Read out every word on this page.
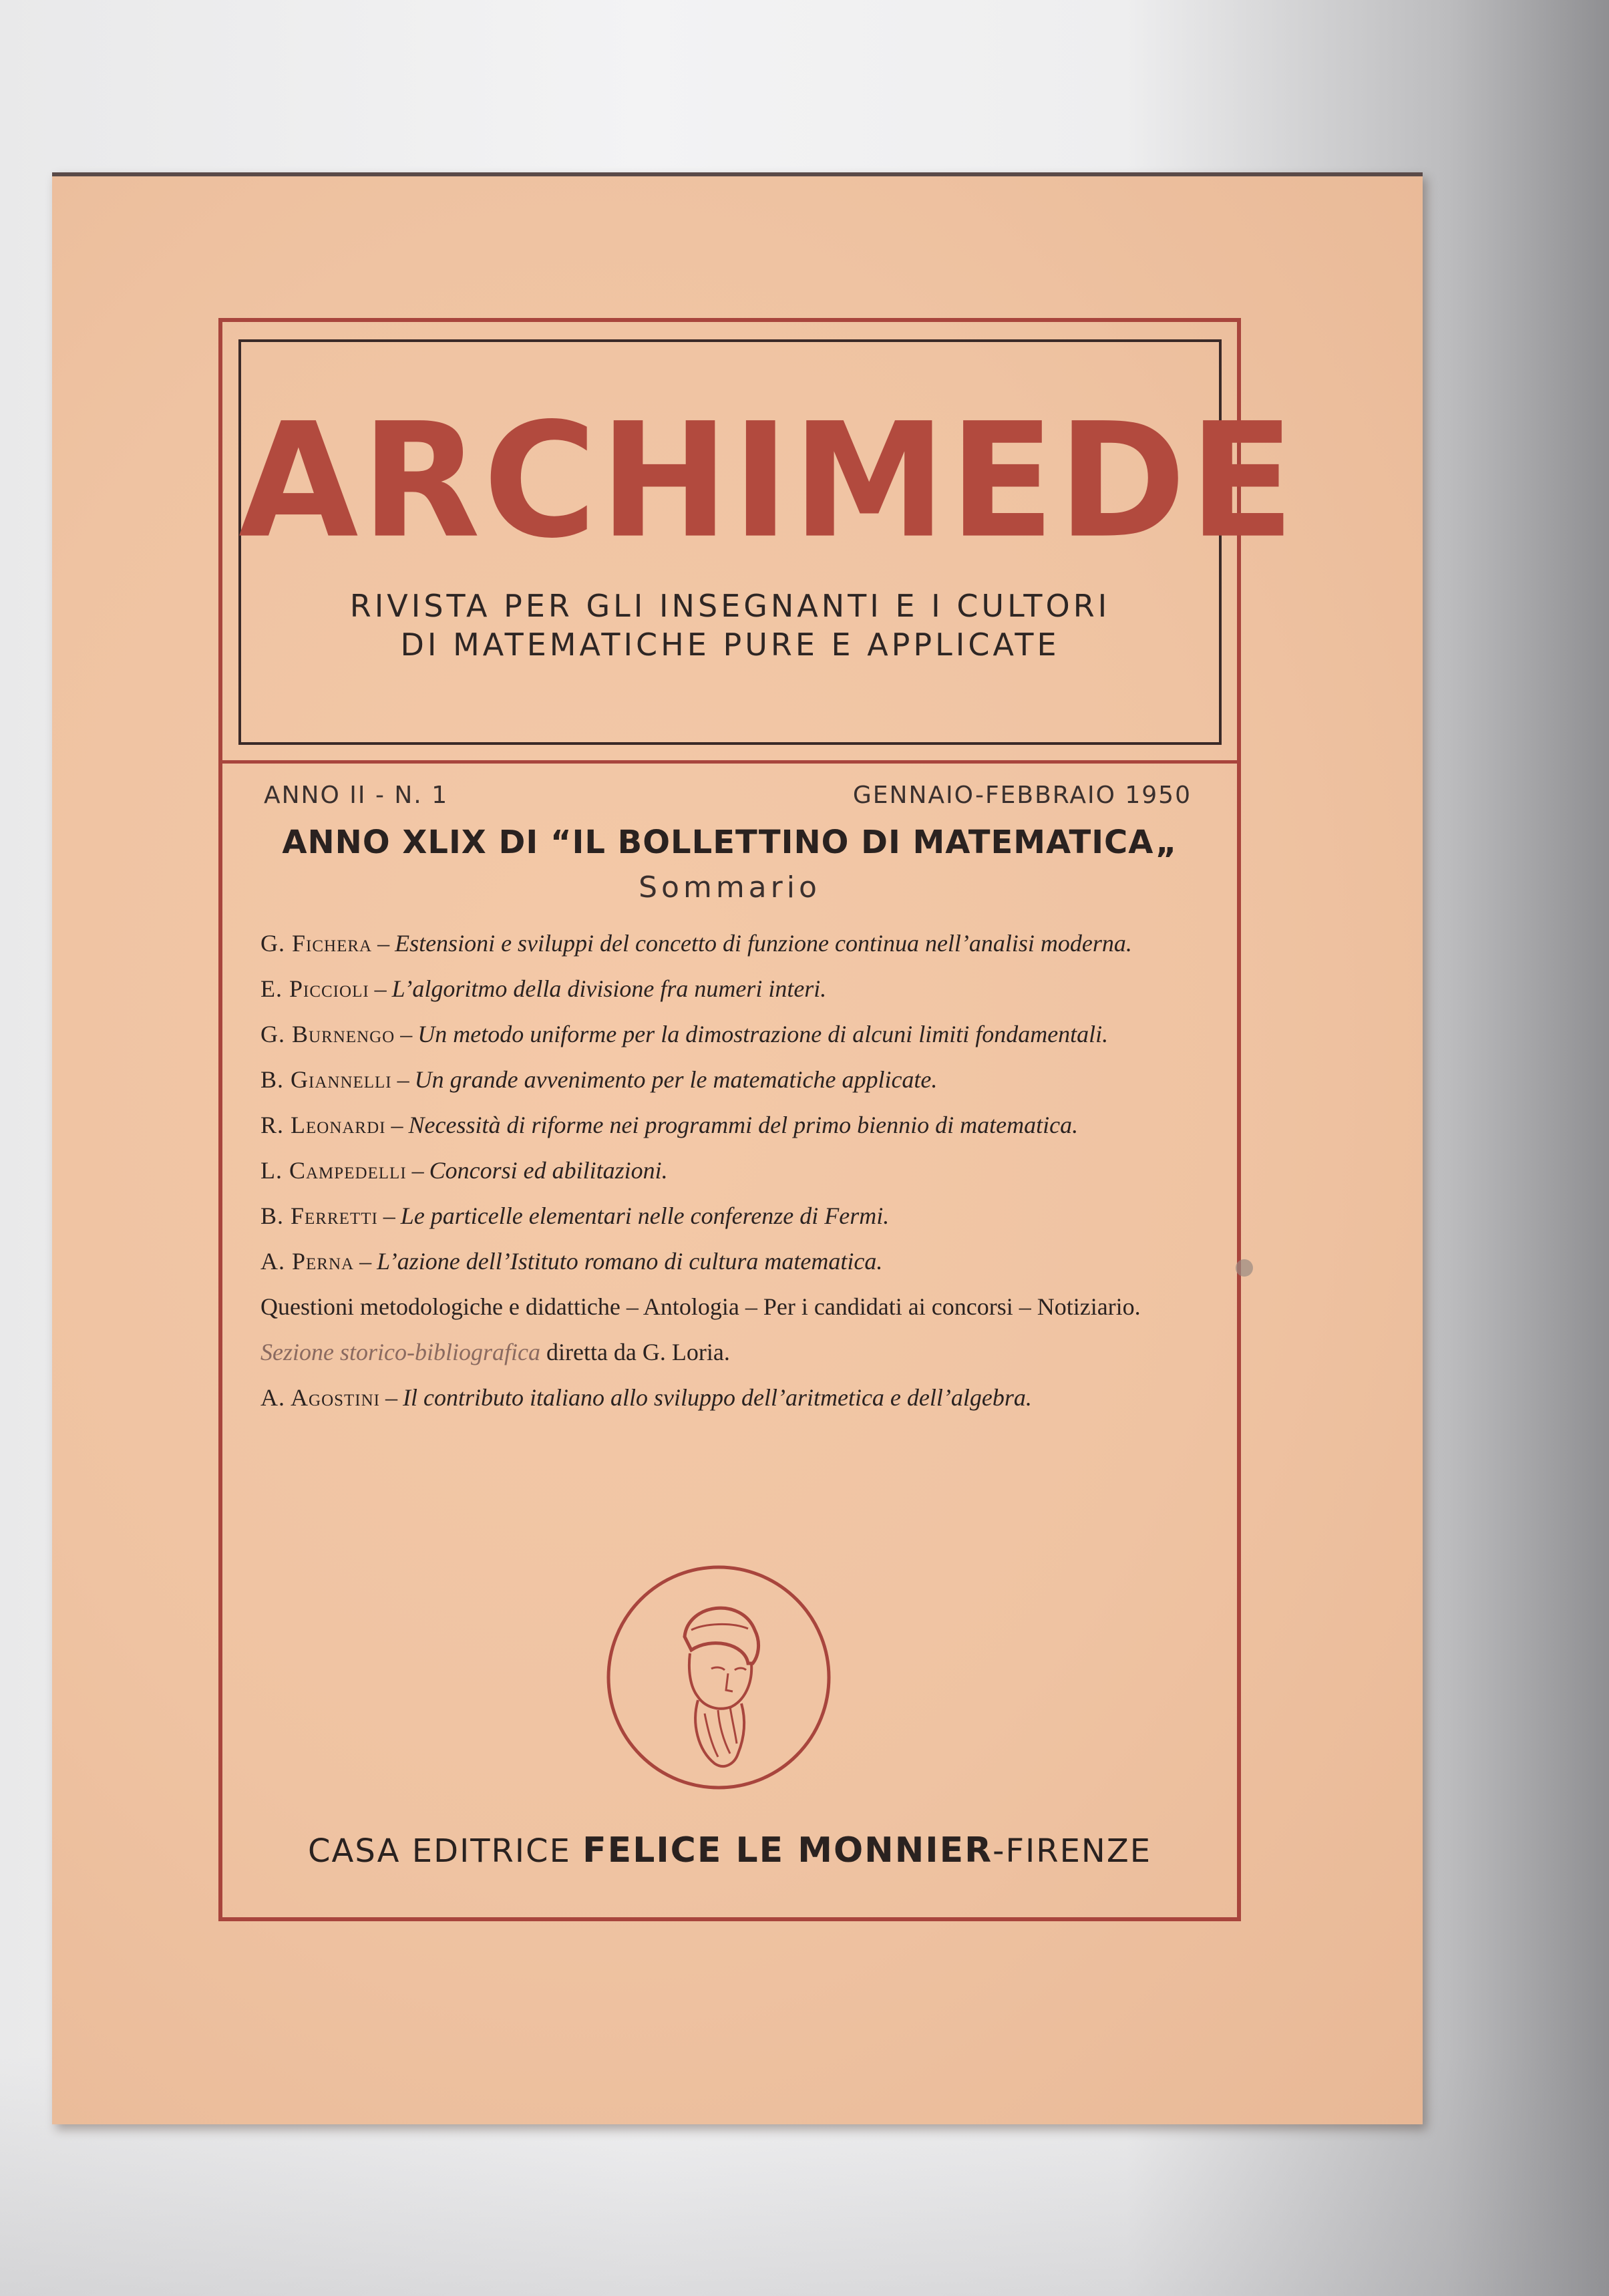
ARCHIMEDE
RIVISTA PER GLI INSEGNANTI E I CULTORI
DI MATEMATICHE PURE E APPLICATE
ANNO II - N. 1	GENNAIO-FEBBRAIO 1950
ANNO XLIX DI “IL BOLLETTINO DI MATEMATICA„
Sommario
G. Fichera – Estensioni e sviluppi del concetto di funzione continua nell’analisi moderna.
E. Piccioli – L’algoritmo della divisione fra numeri interi.
G. Burnengo – Un metodo uniforme per la dimostrazione di alcuni limiti fondamentali.
B. Giannelli – Un grande avvenimento per le matematiche applicate.
R. Leonardi – Necessità di riforme nei programmi del primo biennio di matematica.
L. Campedelli – Concorsi ed abilitazioni.
B. Ferretti – Le particelle elementari nelle conferenze di Fermi.
A. Perna – L’azione dell’Istituto romano di cultura matematica.
Questioni metodologiche e didattiche – Antologia – Per i candidati ai concorsi – Notiziario.
Sezione storico-bibliografica diretta da G. Loria.
A. Agostini – Il contributo italiano allo sviluppo dell’aritmetica e dell’algebra.
CASA EDITRICE FELICE LE MONNIER-FIRENZE
